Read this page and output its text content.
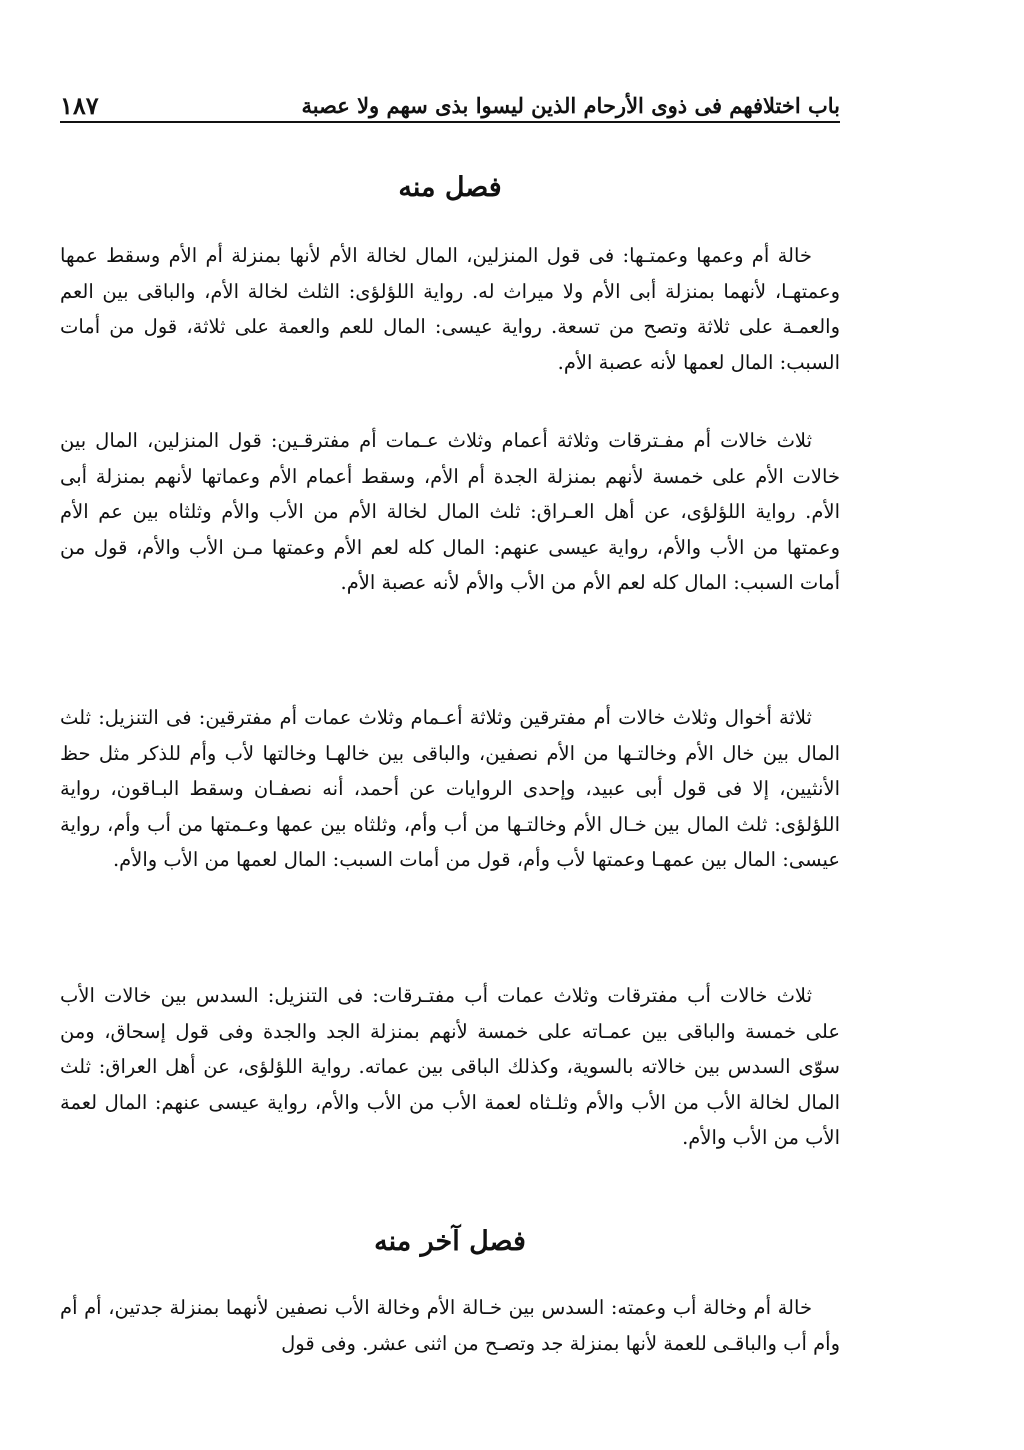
باب اختلافهم فى ذوى الأرحام الذين ليسوا بذى سهم ولا عصبة
١٨٧
فصل منه

خالة أم وعمها وعمتـها: فى قول المنزلين، المال لخالة الأم لأنها بمنزلة أم الأم وسقط عمها وعمتهـا، لأنهما بمنزلة أبى الأم ولا ميراث له. رواية اللؤلؤى: الثلث لخالة الأم، والباقى بين العم والعمـة على ثلاثة وتصح من تسعة. رواية عيسى: المال للعم والعمة على ثلاثة، قول من أمات السبب: المال لعمها لأنه عصبة الأم.

ثلاث خالات أم مفـترقات وثلاثة أعمام وثلاث عـمات أم مفترقـين: قول المنزلين، المال بين خالات الأم على خمسة لأنهم بمنزلة الجدة أم الأم، وسقط أعمام الأم وعماتها لأنهم بمنزلة أبى الأم. رواية اللؤلؤى، عن أهل العـراق: ثلث المال لخالة الأم من الأب والأم وثلثاه بين عم الأم وعمتها من الأب والأم، رواية عيسى عنهم: المال كله لعم الأم وعمتها مـن الأب والأم، قول من أمات السبب: المال كله لعم الأم من الأب والأم لأنه عصبة الأم.

ثلاثة أخوال وثلاث خالات أم مفترقين وثلاثة أعـمام وثلاث عمات أم مفترقين: فى التنزيل: ثلث المال بين خال الأم وخالتـها من الأم نصفين، والباقى بين خالهـا وخالتها لأب وأم للذكر مثل حظ الأنثيين، إلا فى قول أبى عبيد، وإحدى الروايات عن أحمد، أنه نصفـان وسقط البـاقون، رواية اللؤلؤى: ثلث المال بين خـال الأم وخالتـها من أب وأم، وثلثاه بين عمها وعـمتها من أب وأم، رواية عيسى: المال بين عمهـا وعمتها لأب وأم، قول من أمات السبب: المال لعمها من الأب والأم.

ثلاث خالات أب مفترقات وثلاث عمات أب مفتـرقات: فى التنزيل: السدس بين خالات الأب على خمسة والباقى بين عمـاته على خمسة لأنهم بمنزلة الجد والجدة وفى قول إسحاق، ومن سوّى السدس بين خالاته بالسوية، وكذلك الباقى بين عماته. رواية اللؤلؤى، عن أهل العراق: ثلث المال لخالة الأب من الأب والأم وثلـثاه لعمة الأب من الأب والأم، رواية عيسى عنهم: المال لعمة الأب من الأب والأم.

فصل آخر منه

خالة أم وخالة أب وعمته: السدس بين خـالة الأم وخالة الأب نصفين لأنهما بمنزلة جدتين، أم أم وأم أب والباقـى للعمة لأنها بمنزلة جد وتصـح من اثنى عشر. وفى قول
